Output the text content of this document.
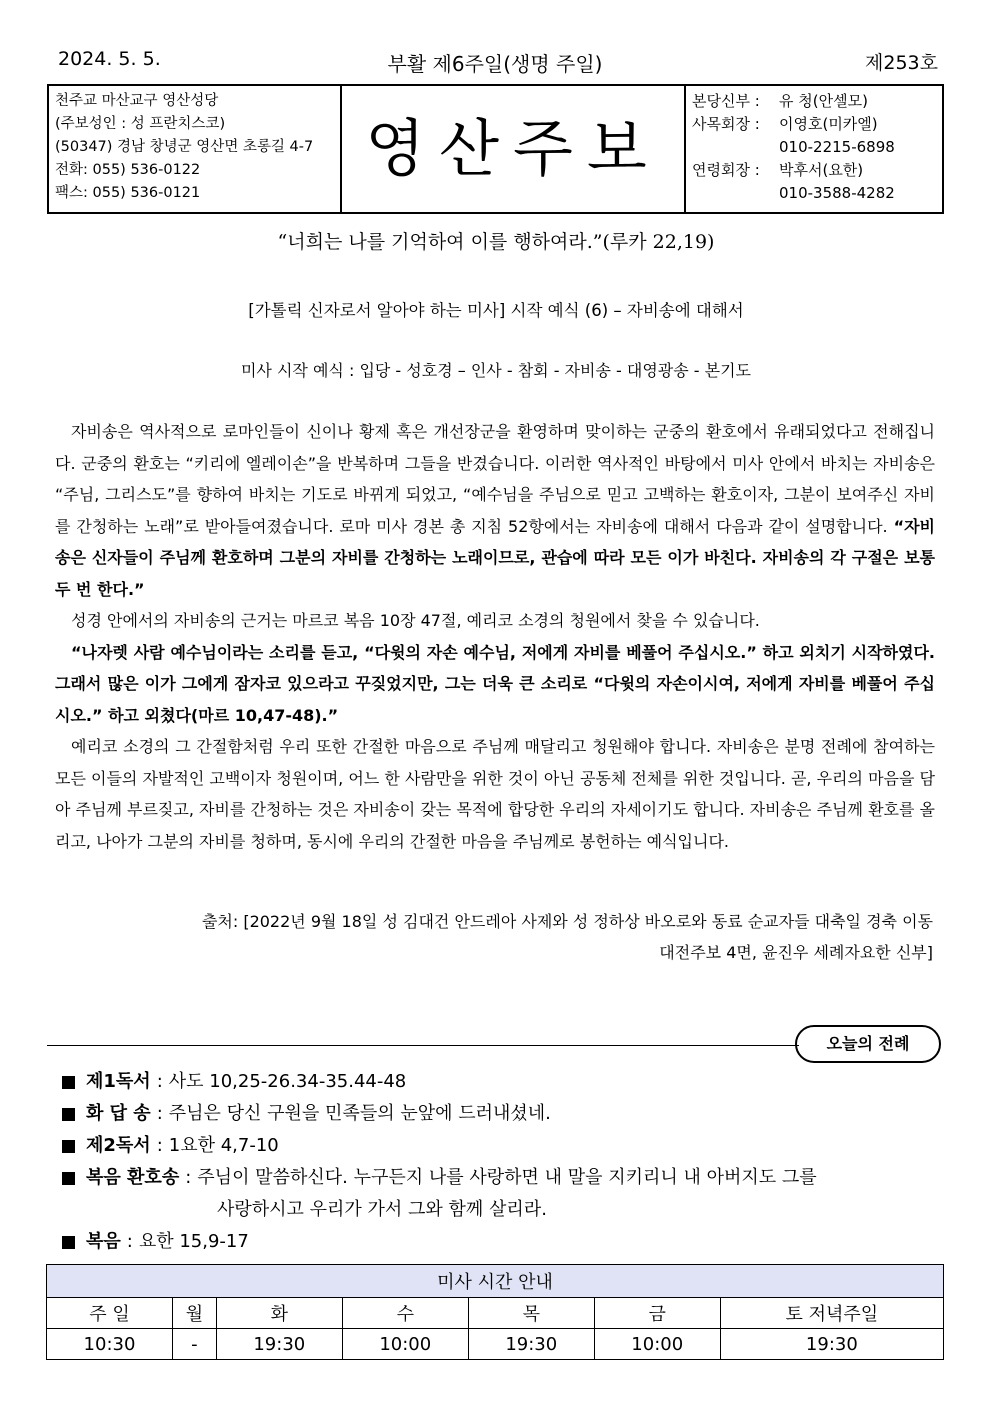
2024. 5. 5.	부활 제6주일(생명 주일)	제253호
천주교 마산교구 영산성당
(주보성인 : 성 프란치스코)
(50347) 경남 창녕군 영산면 초롱길 4-7
전화: 055) 536-0122
팩스: 055) 536-0121
영산주보
본당신부 :	유 청(안셀모)
사목회장 :	이영호(미카엘)
010-2215-6898
연령회장 :	박후서(요한)
010-3588-4282
“너희는 나를 기억하여 이를 행하여라.”(루카 22,19)
[가톨릭 신자로서 알아야 하는 미사] 시작 예식 (6) – 자비송에 대해서
미사 시작 예식 : 입당 - 성호경 – 인사 - 참회 - 자비송 - 대영광송 - 본기도

자비송은 역사적으로 로마인들이 신이나 황제 혹은 개선장군을 환영하며 맞이하는 군중의 환호에서 유래되었다고 전해집니다. 군중의 환호는 “키리에 엘레이손”을 반복하며 그들을 반겼습니다. 이러한 역사적인 바탕에서 미사 안에서 바치는 자비송은 “주님, 그리스도”를 향하여 바치는 기도로 바뀌게 되었고, “예수님을 주님으로 믿고 고백하는 환호이자, 그분이 보여주신 자비를 간청하는 노래”로 받아들여졌습니다. 로마 미사 경본 총 지침 52항에서는 자비송에 대해서 다음과 같이 설명합니다. “자비송은 신자들이 주님께 환호하며 그분의 자비를 간청하는 노래이므로, 관습에 따라 모든 이가 바친다. 자비송의 각 구절은 보통 두 번 한다.”

성경 안에서의 자비송의 근거는 마르코 복음 10장 47절, 예리코 소경의 청원에서 찾을 수 있습니다.

“나자렛 사람 예수님이라는 소리를 듣고, “다윗의 자손 예수님, 저에게 자비를 베풀어 주십시오.” 하고 외치기 시작하였다. 그래서 많은 이가 그에게 잠자코 있으라고 꾸짖었지만, 그는 더욱 큰 소리로 “다윗의 자손이시여, 저에게 자비를 베풀어 주십시오.” 하고 외쳤다(마르 10,47-48).”

예리코 소경의 그 간절함처럼 우리 또한 간절한 마음으로 주님께 매달리고 청원해야 합니다. 자비송은 분명 전례에 참여하는 모든 이들의 자발적인 고백이자 청원이며, 어느 한 사람만을 위한 것이 아닌 공동체 전체를 위한 것입니다. 곧, 우리의 마음을 담아 주님께 부르짖고, 자비를 간청하는 것은 자비송이 갖는 목적에 합당한 우리의 자세이기도 합니다. 자비송은 주님께 환호를 올리고, 나아가 그분의 자비를 청하며, 동시에 우리의 간절한 마음을 주님께로 봉헌하는 예식입니다.

출처: [2022년 9월 18일 성 김대건 안드레아 사제와 성 정하상 바오로와 동료 순교자들 대축일 경축 이동
대전주보 4면, 윤진우 세례자요한 신부]
오늘의 전례
제1독서 : 사도 10,25-26.34-35.44-48
화 답 송 : 주님은 당신 구원을 민족들의 눈앞에 드러내셨네.
제2독서 : 1요한 4,7-10
복음 환호송 : 주님이 말씀하신다. 누구든지 나를 사랑하면 내 말을 지키리니 내 아버지도 그를
사랑하시고 우리가 가서 그와 함께 살리라.
복음 : 요한 15,9-17
미사 시간 안내						
주 일	월	화	수	목	금	토 저녁주일
10:30	-	19:30	10:00	19:30	10:00	19:30
